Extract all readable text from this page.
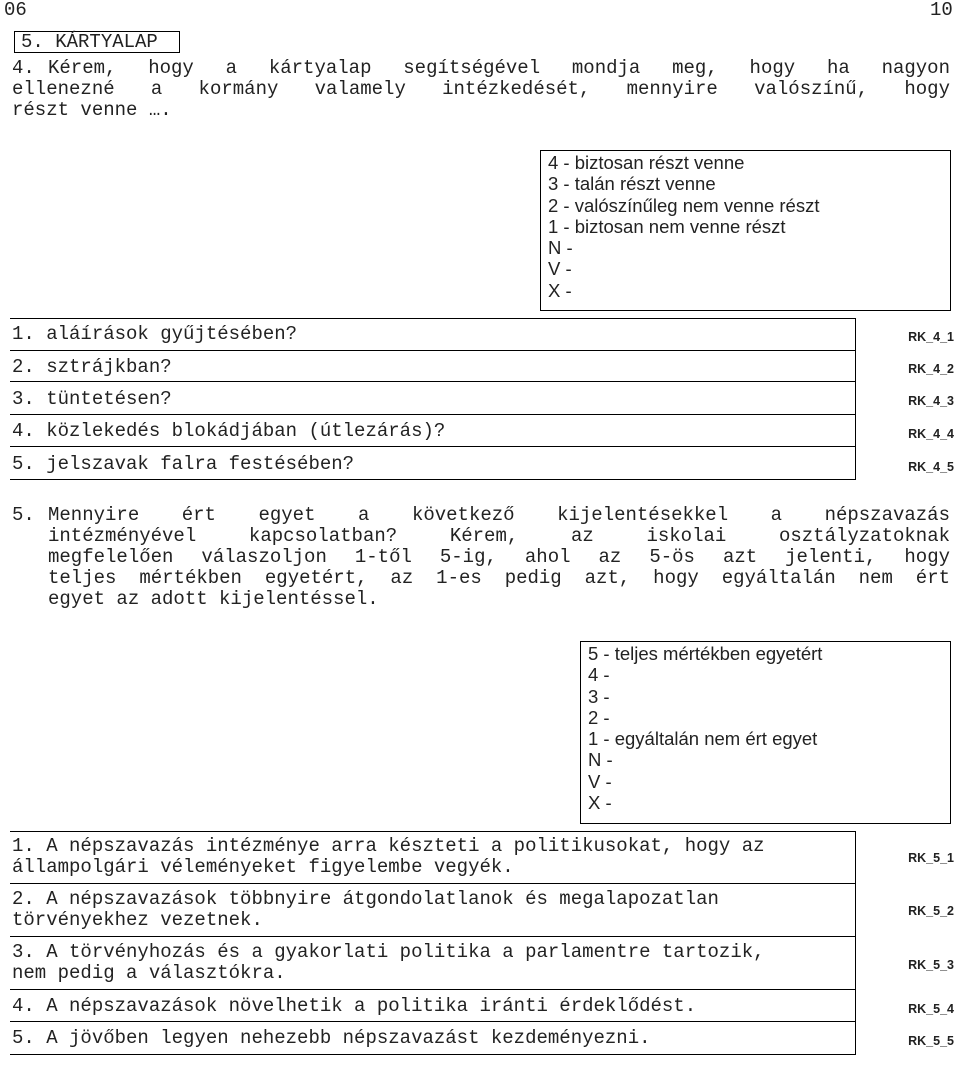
06	10
5. KÁRTYALAP
4. Kérem, hogy a kártyalap segítségével mondja meg, hogy ha nagyon
ellenezné a kormány valamely intézkedését, mennyire valószínű, hogy
részt venne ….
4 - biztosan részt venne
3 - talán részt venne
2 - valószínűleg nem venne részt
1 - biztosan nem venne részt
N -
V -
X -
1. aláírások gyűjtésében?
2. sztrájkban?
3. tüntetésen?
4. közlekedés blokádjában (útlezárás)?
5. jelszavak falra festésében?
RK_4_1
RK_4_2
RK_4_3
RK_4_4
RK_4_5
5. Mennyire ért egyet a következő kijelentésekkel a népszavazás
intézményével kapcsolatban? Kérem, az iskolai osztályzatoknak
megfelelően válaszoljon 1-től 5-ig, ahol az 5-ös azt jelenti, hogy
teljes mértékben egyetért, az 1-es pedig azt, hogy egyáltalán nem ért
egyet az adott kijelentéssel.
5 - teljes mértékben egyetért
4 -
3 -
2 -
1 - egyáltalán nem ért egyet
N -
V -
X -
1. A népszavazás intézménye arra készteti a politikusokat, hogy az
állampolgári véleményeket figyelembe vegyék.
2. A népszavazások többnyire átgondolatlanok és megalapozatlan
törvényekhez vezetnek.
3. A törvényhozás és a gyakorlati politika a parlamentre tartozik,
nem pedig a választókra.
4. A népszavazások növelhetik a politika iránti érdeklődést.
5. A jövőben legyen nehezebb népszavazást kezdeményezni.
RK_5_1
RK_5_2
RK_5_3
RK_5_4
RK_5_5
